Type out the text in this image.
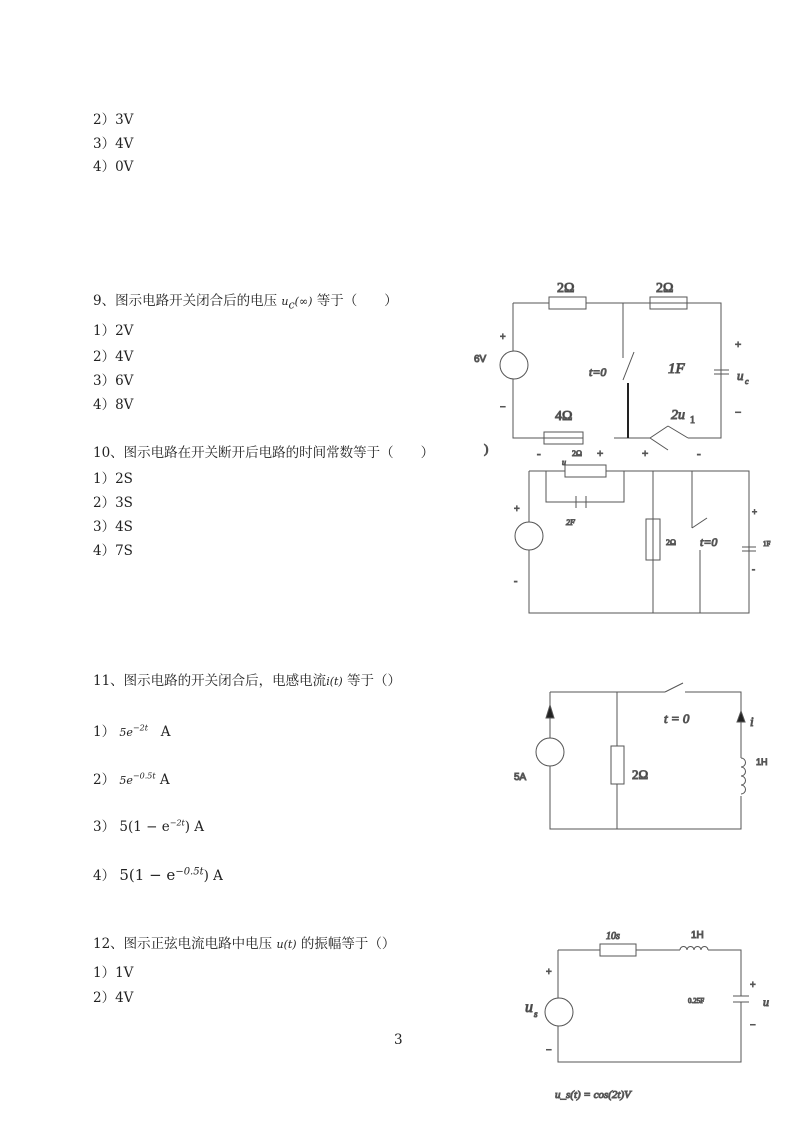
2）3V
3）4V
4）0V
9、图示电路开关闭合后的电压 $u_c(\infty)$ 等于（　　）
1）2V
2）4V
3）6V
4）8V
10、图示电路在开关断开后电路的时间常数等于（　　）
1）2S
2）3S
3）4S
4）7S
11、图示电路的开关闭合后，电感电流i(t) 等于（）
1） $5e^{-2t}$ A
2） $5e^{-0.5t}$ A
3） $5(1 - e^{-2t})$ A
4） $5(1 - e^{-0.5t})$ A
12、图示正弦电流电路中电压 u(t) 的振幅等于（）
1）1V
2）4V
3
2Ω	2Ω
+
6V
−
t=0	1F
+
u c
−
4Ω	2u 1
)	-	2Ω +	+	-
u
+
-
2F
2Ω t=0	1F
+
-
5A	2Ω
t = 0	i
1H
10s	1H
+
−
u s
0.25F
+
u
−
u_s(t) = cos(2t)V
